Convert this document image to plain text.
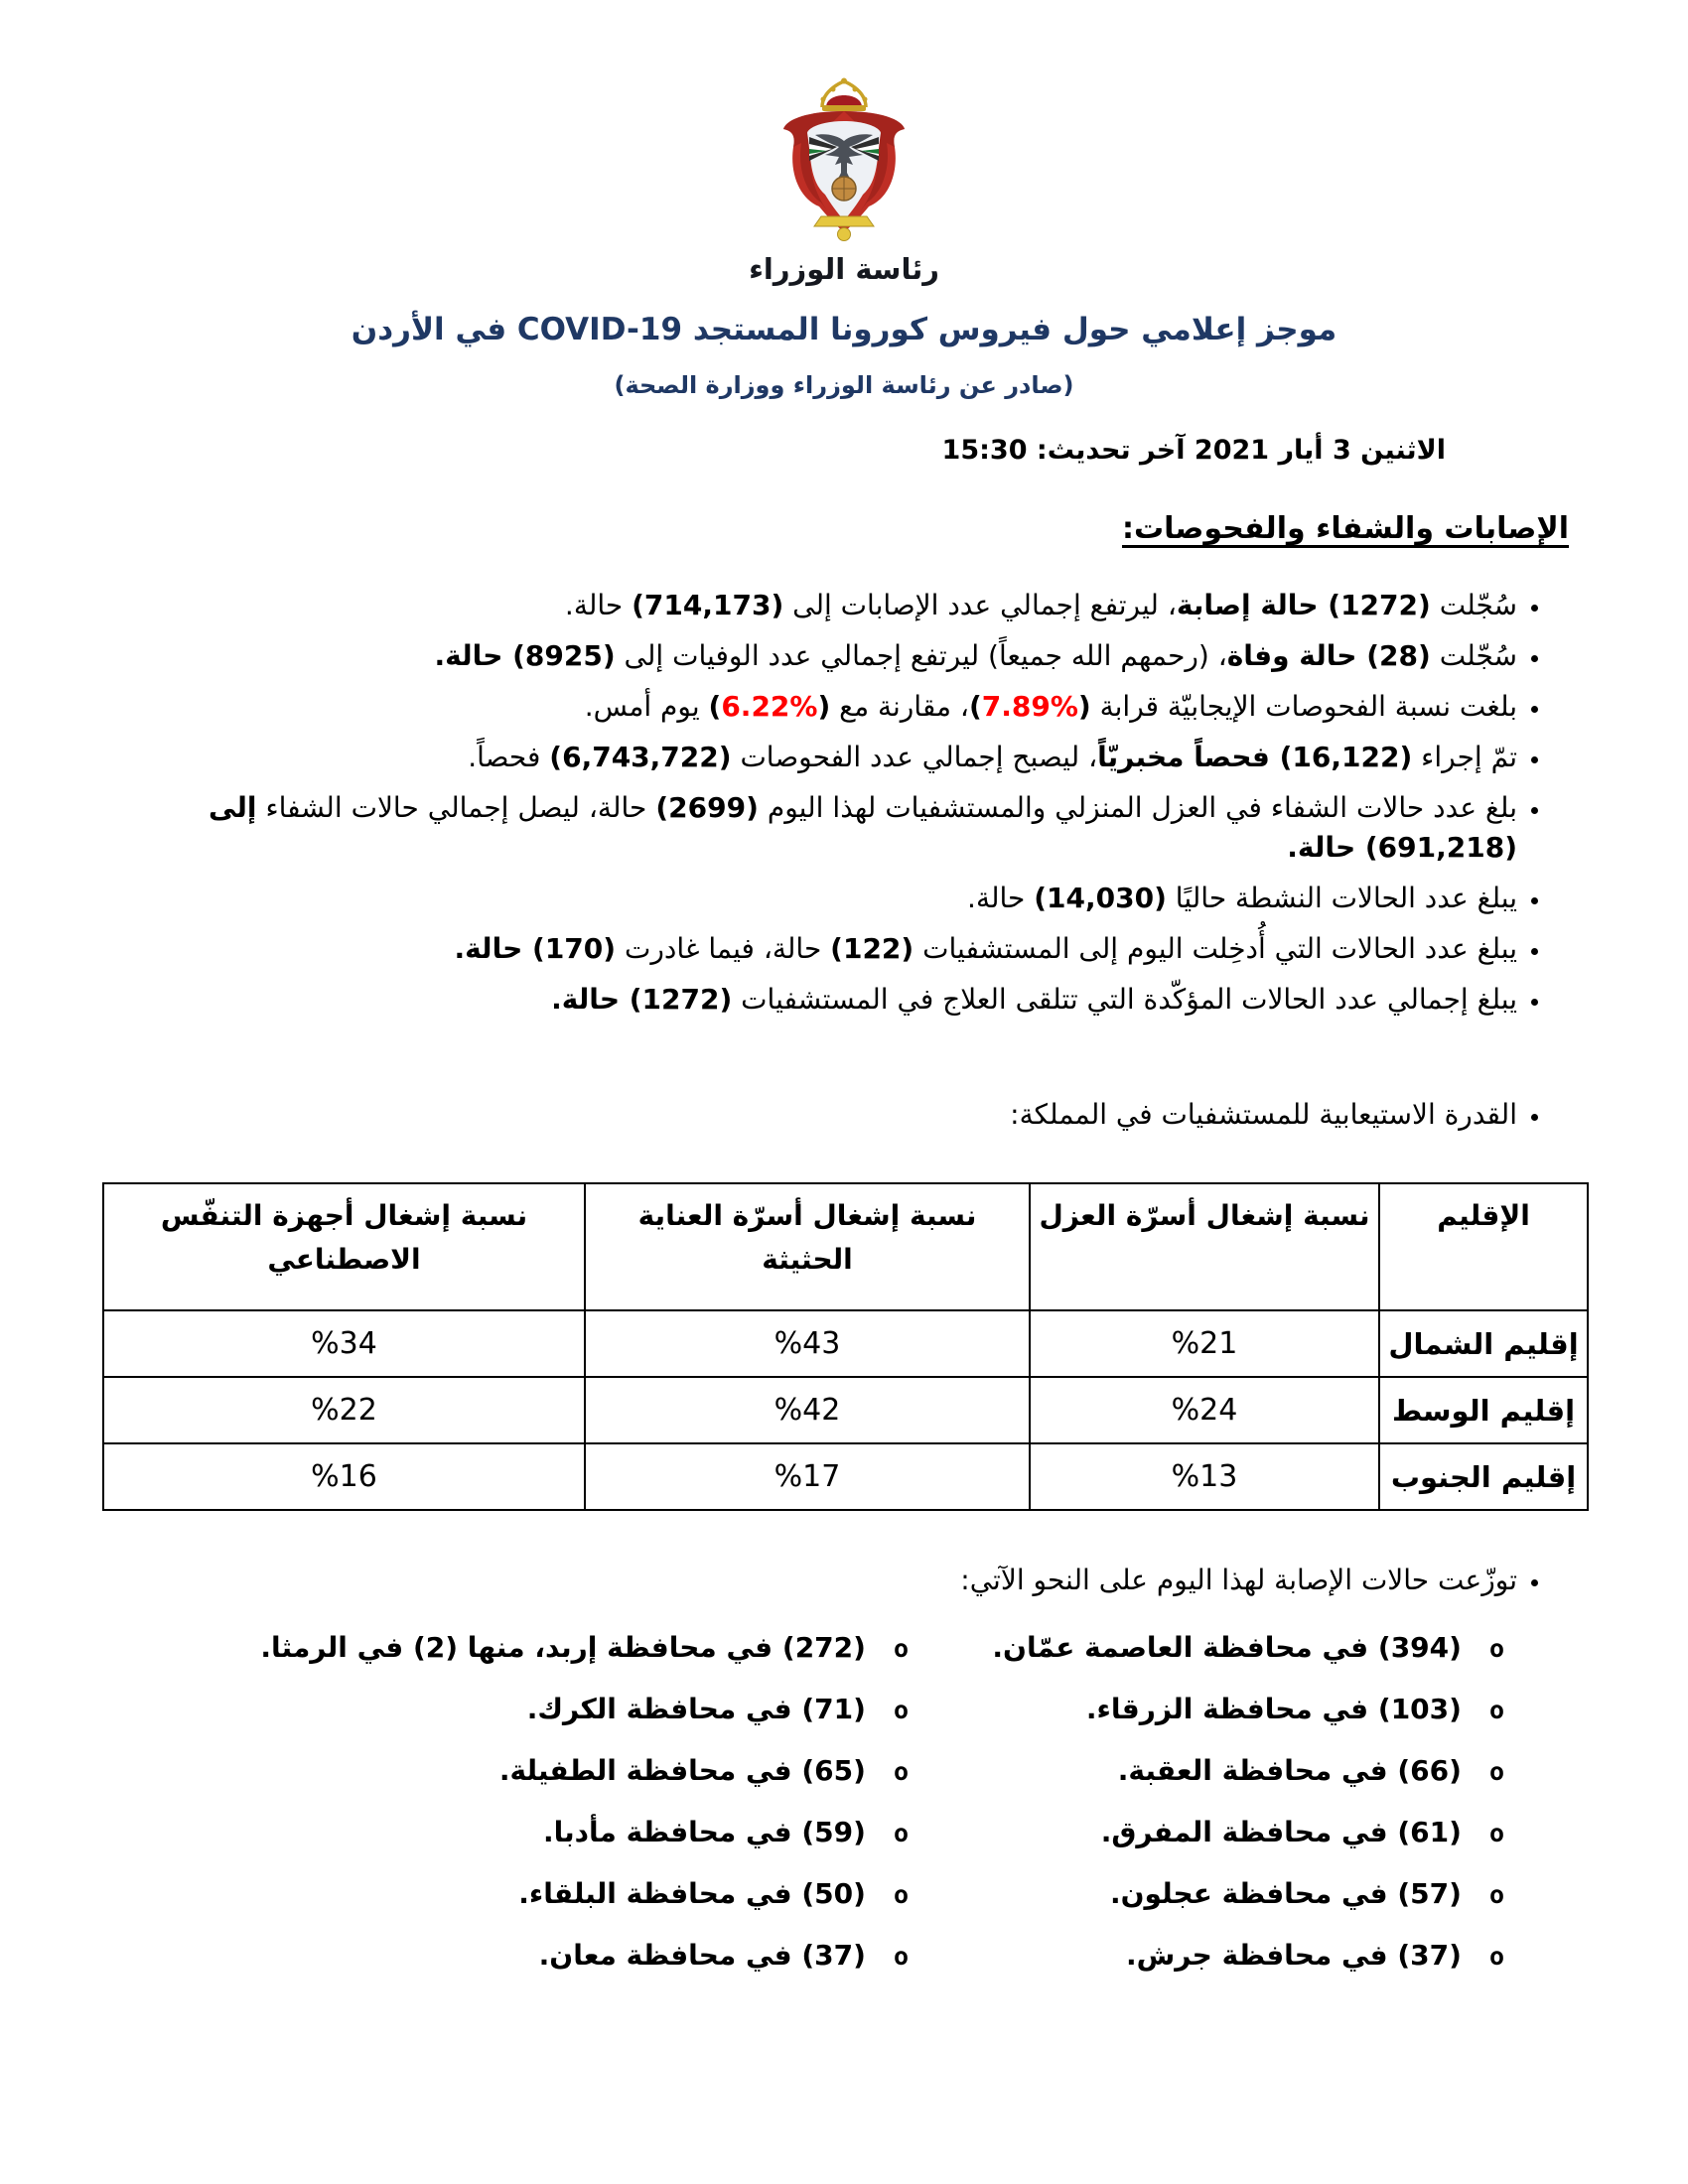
رئاسة الوزراء
موجز إعلامي حول فيروس كورونا المستجد COVID-19 في الأردن
(صادر عن رئاسة الوزراء ووزارة الصحة)
الاثنين 3 أيار 2021 آخر تحديث: 15:30
الإصابات والشفاء والفحوصات:
• سُجّلت (1272) حالة إصابة، ليرتفع إجمالي عدد الإصابات إلى (714,173) حالة.
• سُجّلت (28) حالة وفاة، (رحمهم الله جميعاً) ليرتفع إجمالي عدد الوفيات إلى (8925) حالة.
• بلغت نسبة الفحوصات الإيجابيّة قرابة (%7.89)، مقارنة مع (%6.22) يوم أمس.
• تمّ إجراء (16,122) فحصاً مخبريّاً، ليصبح إجمالي عدد الفحوصات (6,743,722) فحصاً.
• بلغ عدد حالات الشفاء في العزل المنزلي والمستشفيات لهذا اليوم (2699) حالة، ليصل إجمالي حالات الشفاء إلى (691,218) حالة.
• يبلغ عدد الحالات النشطة حاليًا (14,030) حالة.
• يبلغ عدد الحالات التي أُدخِلت اليوم إلى المستشفيات (122) حالة، فيما غادرت (170) حالة.
• يبلغ إجمالي عدد الحالات المؤكّدة التي تتلقى العلاج في المستشفيات (1272) حالة.
• القدرة الاستيعابية للمستشفيات في المملكة:
الإقليم	نسبة إشغال أسرّة العزل	نسبة إشغال أسرّة العناية الحثيثة	نسبة إشغال أجهزة التنفّس الاصطناعي
إقليم الشمال	%21	%43	%34
إقليم الوسط	%24	%42	%22
إقليم الجنوب	%13	%17	%16
• توزّعت حالات الإصابة لهذا اليوم على النحو الآتي:
o
(394) في محافظة العاصمة عمّان.
o
(103) في محافظة الزرقاء.
o
(66) في محافظة العقبة.
o
(61) في محافظة المفرق.
o
(57) في محافظة عجلون.
o
(37) في محافظة جرش.
o
(272) في محافظة إربد، منها (2) في الرمثا.
o
(71) في محافظة الكرك.
o
(65) في محافظة الطفيلة.
o
(59) في محافظة مأدبا.
o
(50) في محافظة البلقاء.
o
(37) في محافظة معان.
